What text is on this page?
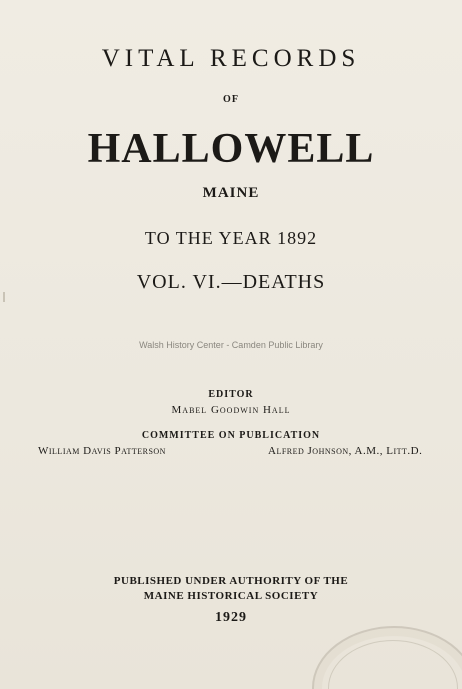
VITAL RECORDS
OF
HALLOWELL
MAINE
TO THE YEAR 1892
VOL. VI.—DEATHS
Walsh History Center - Camden Public Library
EDITOR
Mabel Goodwin Hall
COMMITTEE ON PUBLICATION
William Davis Patterson	Alfred Johnson, A.M., Litt.D.
PUBLISHED UNDER AUTHORITY OF THE
MAINE HISTORICAL SOCIETY
1929
